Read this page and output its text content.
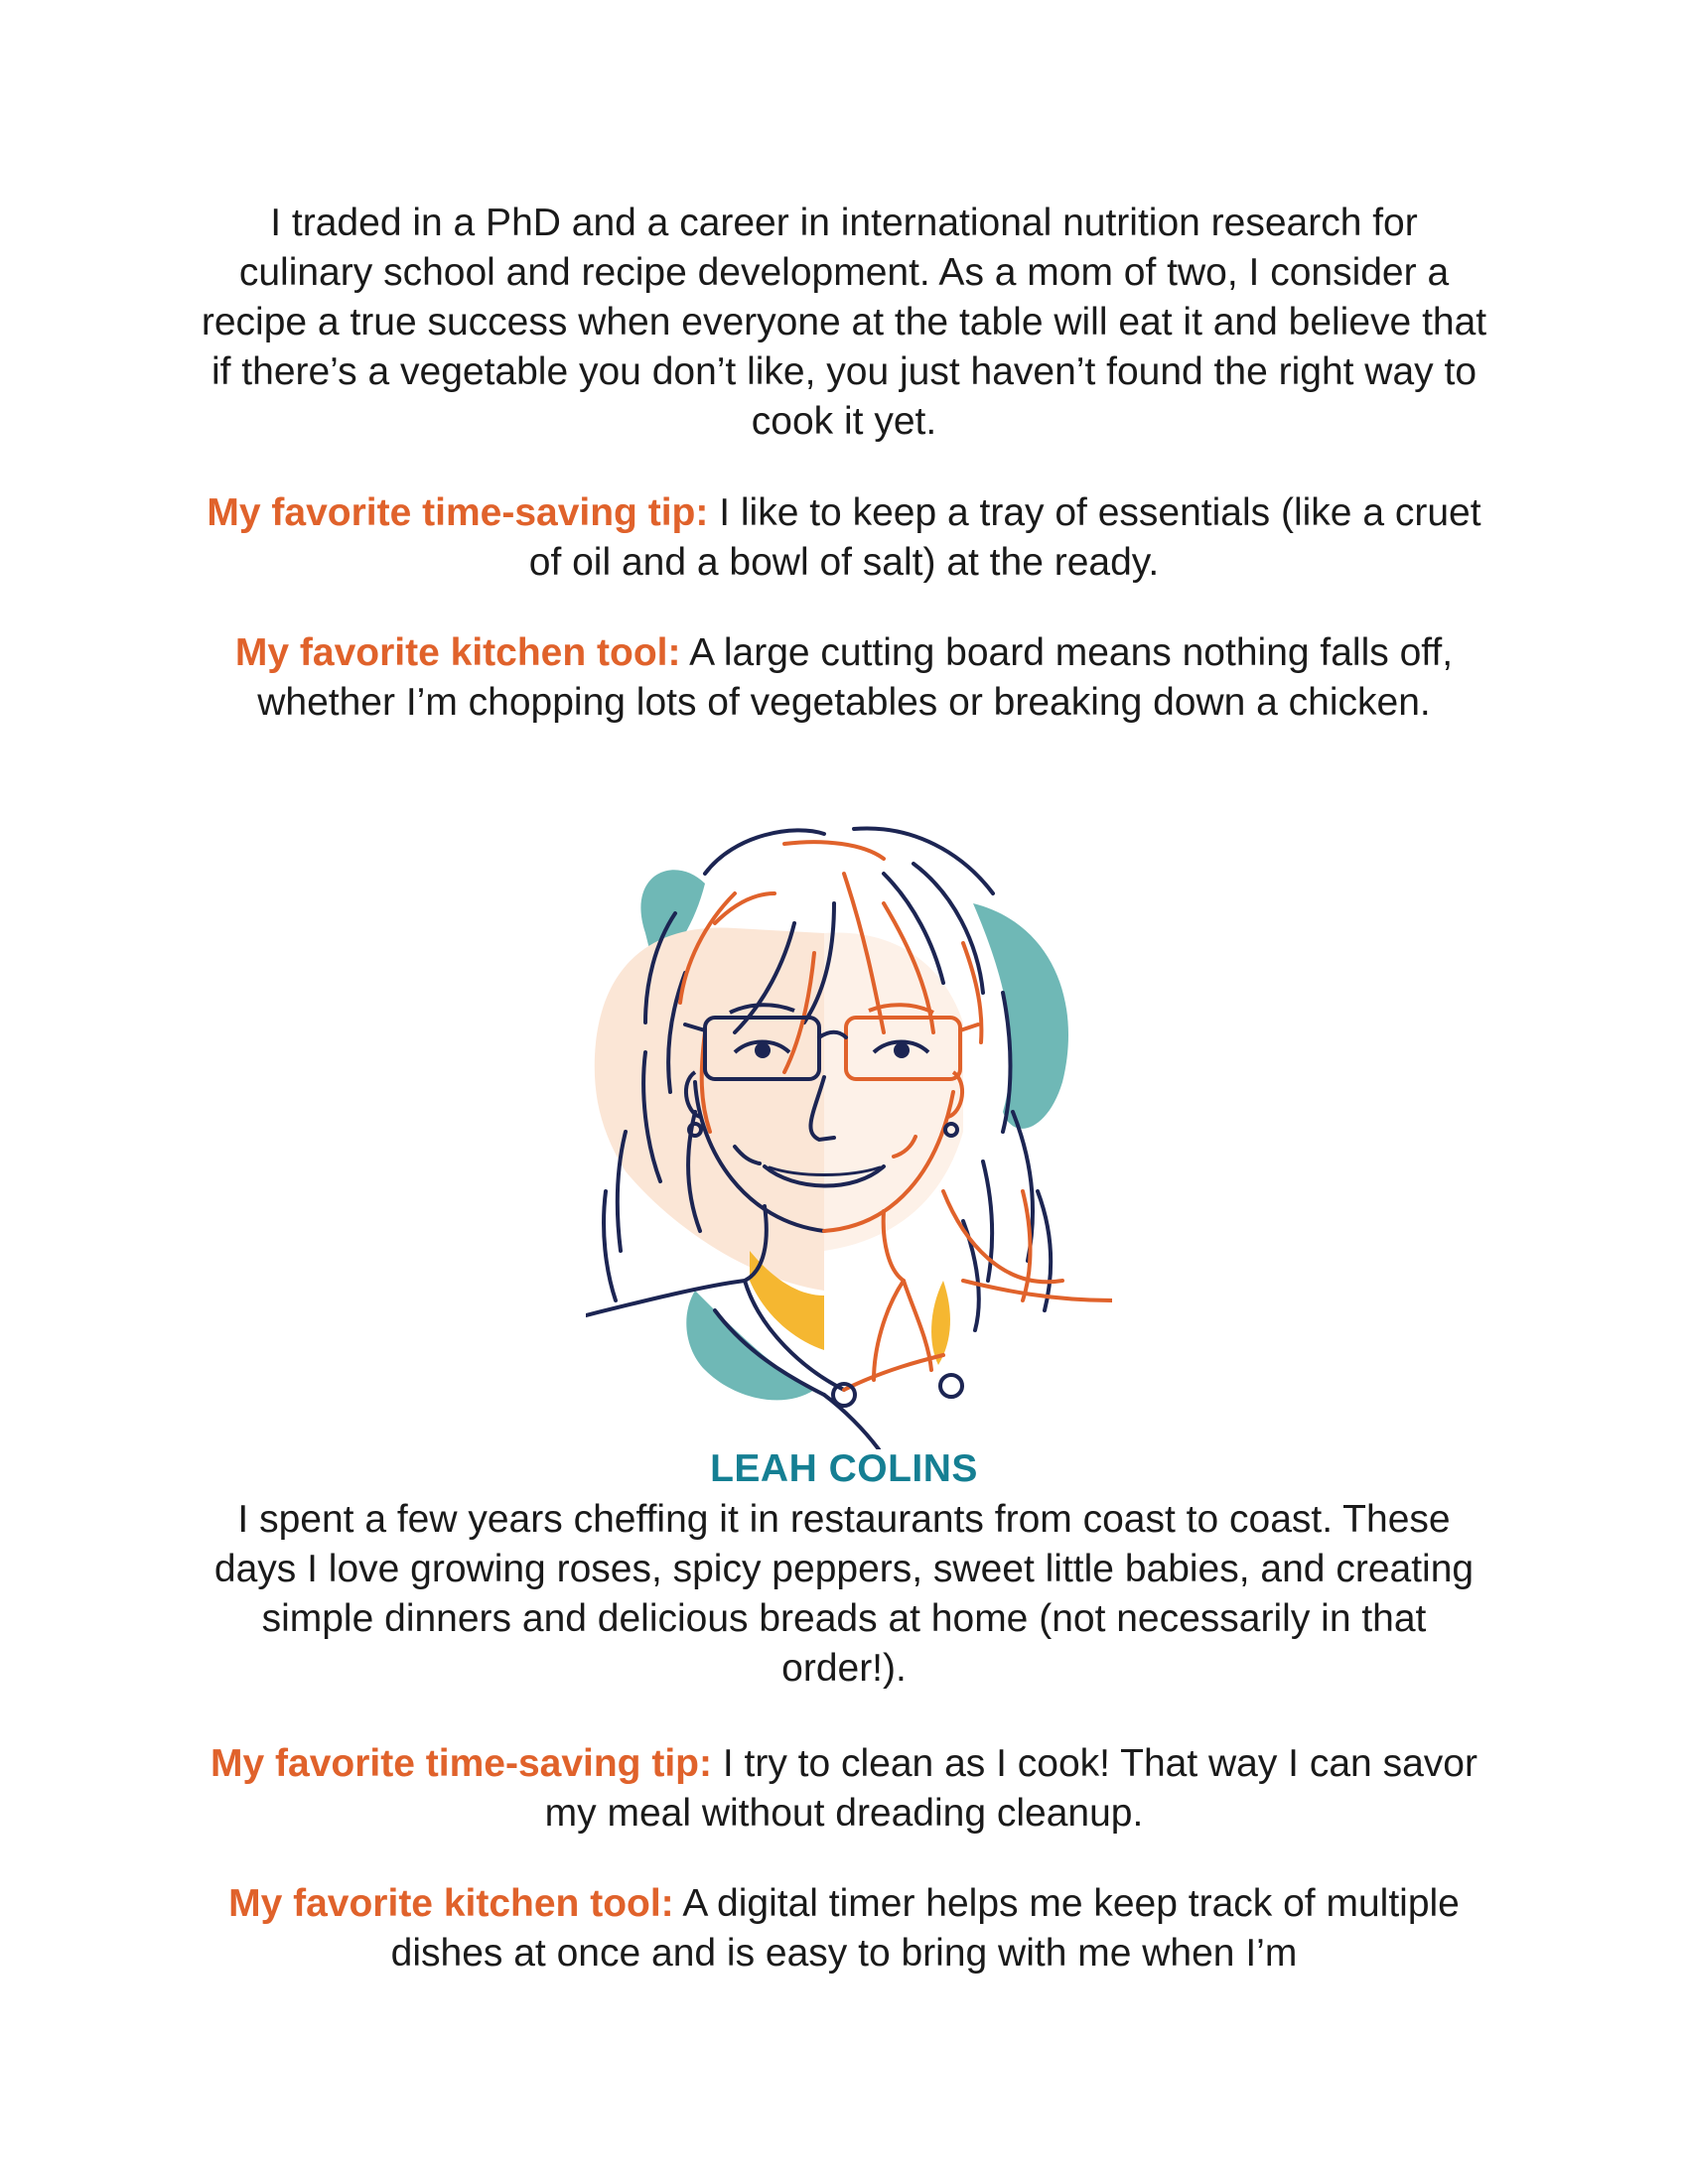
I traded in a PhD and a career in international nutrition research for culinary school and recipe development. As a mom of two, I consider a recipe a true success when everyone at the table will eat it and believe that if there’s a vegetable you don’t like, you just haven’t found the right way to cook it yet.

My favorite time-saving tip: I like to keep a tray of essentials (like a cruet of oil and a bowl of salt) at the ready.

My favorite kitchen tool: A large cutting board means nothing falls off, whether I’m chopping lots of vegetables or breaking down a chicken.

LEAH COLINS

I spent a few years cheffing it in restaurants from coast to coast. These days I love growing roses, spicy peppers, sweet little babies, and creating simple dinners and delicious breads at home (not necessarily in that order!).

My favorite time-saving tip: I try to clean as I cook! That way I can savor my meal without dreading cleanup.

My favorite kitchen tool: A digital timer helps me keep track of multiple dishes at once and is easy to bring with me when I’m
